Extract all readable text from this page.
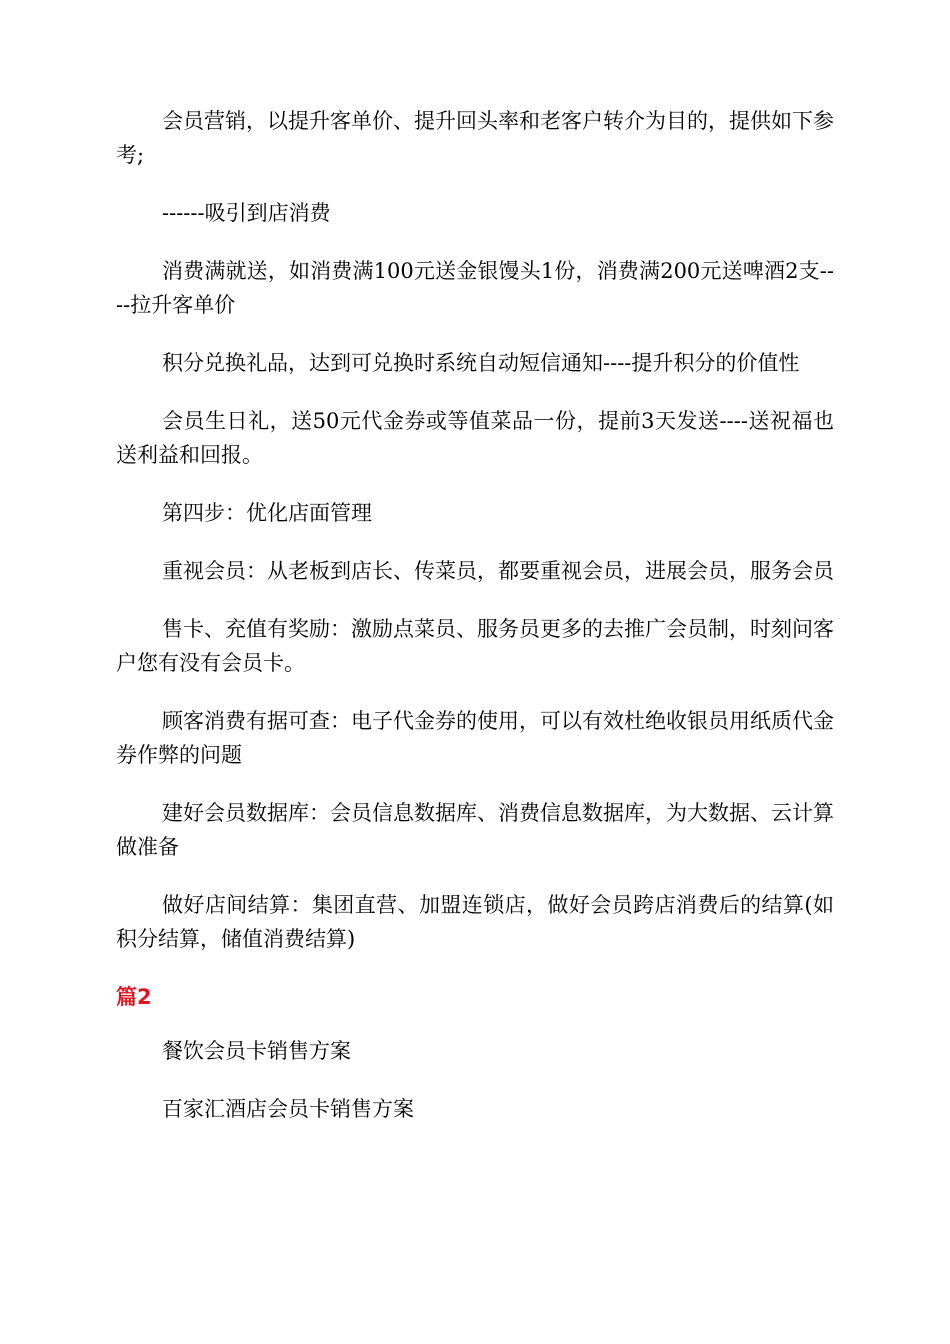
会员营销，以提升客单价、提升回头率和老客户转介为目的，提供如下参考;

------吸引到店消费

消费满就送，如消费满100元送金银馒头1份，消费满200元送啤酒2支----拉升客单价

积分兑换礼品，达到可兑换时系统自动短信通知----提升积分的价值性

会员生日礼，送50元代金券或等值菜品一份，提前3天发送----送祝福也送利益和回报。

第四步：优化店面管理

重视会员：从老板到店长、传菜员，都要重视会员，进展会员，服务会员

售卡、充值有奖励：激励点菜员、服务员更多的去推广会员制，时刻问客户您有没有会员卡。

顾客消费有据可查：电子代金券的使用，可以有效杜绝收银员用纸质代金券作弊的问题

建好会员数据库：会员信息数据库、消费信息数据库，为大数据、云计算做准备

做好店间结算：集团直营、加盟连锁店，做好会员跨店消费后的结算(如积分结算，储值消费结算)

篇2

餐饮会员卡销售方案

百家汇酒店会员卡销售方案
